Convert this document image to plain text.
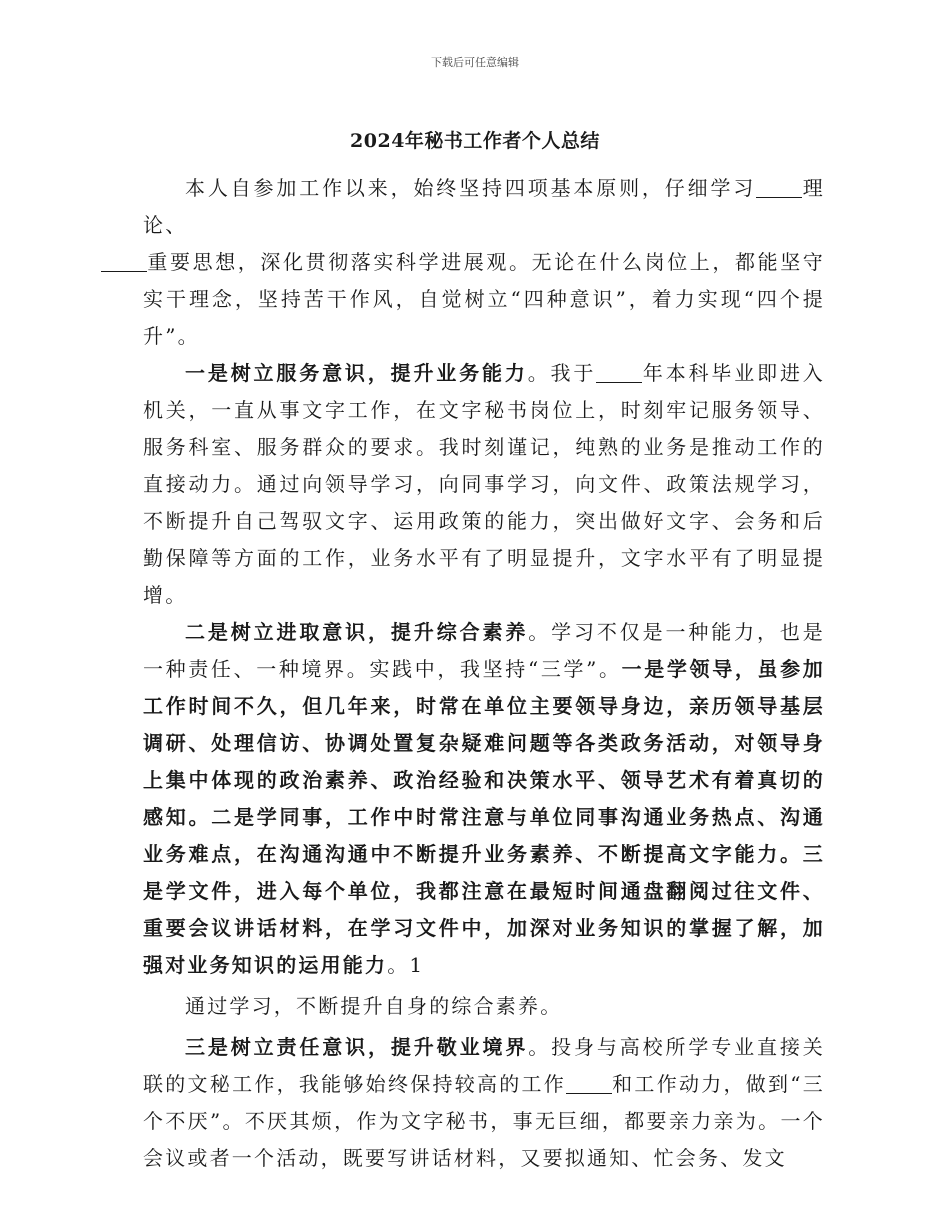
下载后可任意编辑
2024年秘书工作者个人总结

本人自参加工作以来，始终坚持四项基本原则，仔细学习 理论、
重要思想，深化贯彻落实科学进展观。无论在什么岗位上，都能坚守实干理念，坚持苦干作风，自觉树立“四种意识”，着力实现“四个提升”。

一是树立服务意识，提升业务能力。我于 年本科毕业即进入机关，一直从事文字工作，在文字秘书岗位上，时刻牢记服务领导、服务科室、服务群众的要求。我时刻谨记，纯熟的业务是推动工作的直接动力。通过向领导学习，向同事学习，向文件、政策法规学习，不断提升自己驾驭文字、运用政策的能力，突出做好文字、会务和后勤保障等方面的工作，业务水平有了明显提升，文字水平有了明显提增。

二是树立进取意识，提升综合素养。学习不仅是一种能力，也是一种责任、一种境界。实践中，我坚持“三学”。一是学领导，虽参加工作时间不久，但几年来，时常在单位主要领导身边，亲历领导基层调研、处理信访、协调处置复杂疑难问题等各类政务活动，对领导身上集中体现的政治素养、政治经验和决策水平、领导艺术有着真切的感知。二是学同事，工作中时常注意与单位同事沟通业务热点、沟通业务难点，在沟通沟通中不断提升业务素养、不断提高文字能力。三是学文件，进入每个单位，我都注意在最短时间通盘翻阅过往文件、重要会议讲话材料，在学习文件中，加深对业务知识的掌握了解，加强对业务知识的运用能力。1

通过学习，不断提升自身的综合素养。

三是树立责任意识，提升敬业境界。投身与高校所学专业直接关联的文秘工作，我能够始终保持较高的工作 和工作动力，做到“三个不厌”。不厌其烦，作为文字秘书，事无巨细，都要亲力亲为。一个会议或者一个活动，既要写讲话材料，又要拟通知、忙会务、发文
